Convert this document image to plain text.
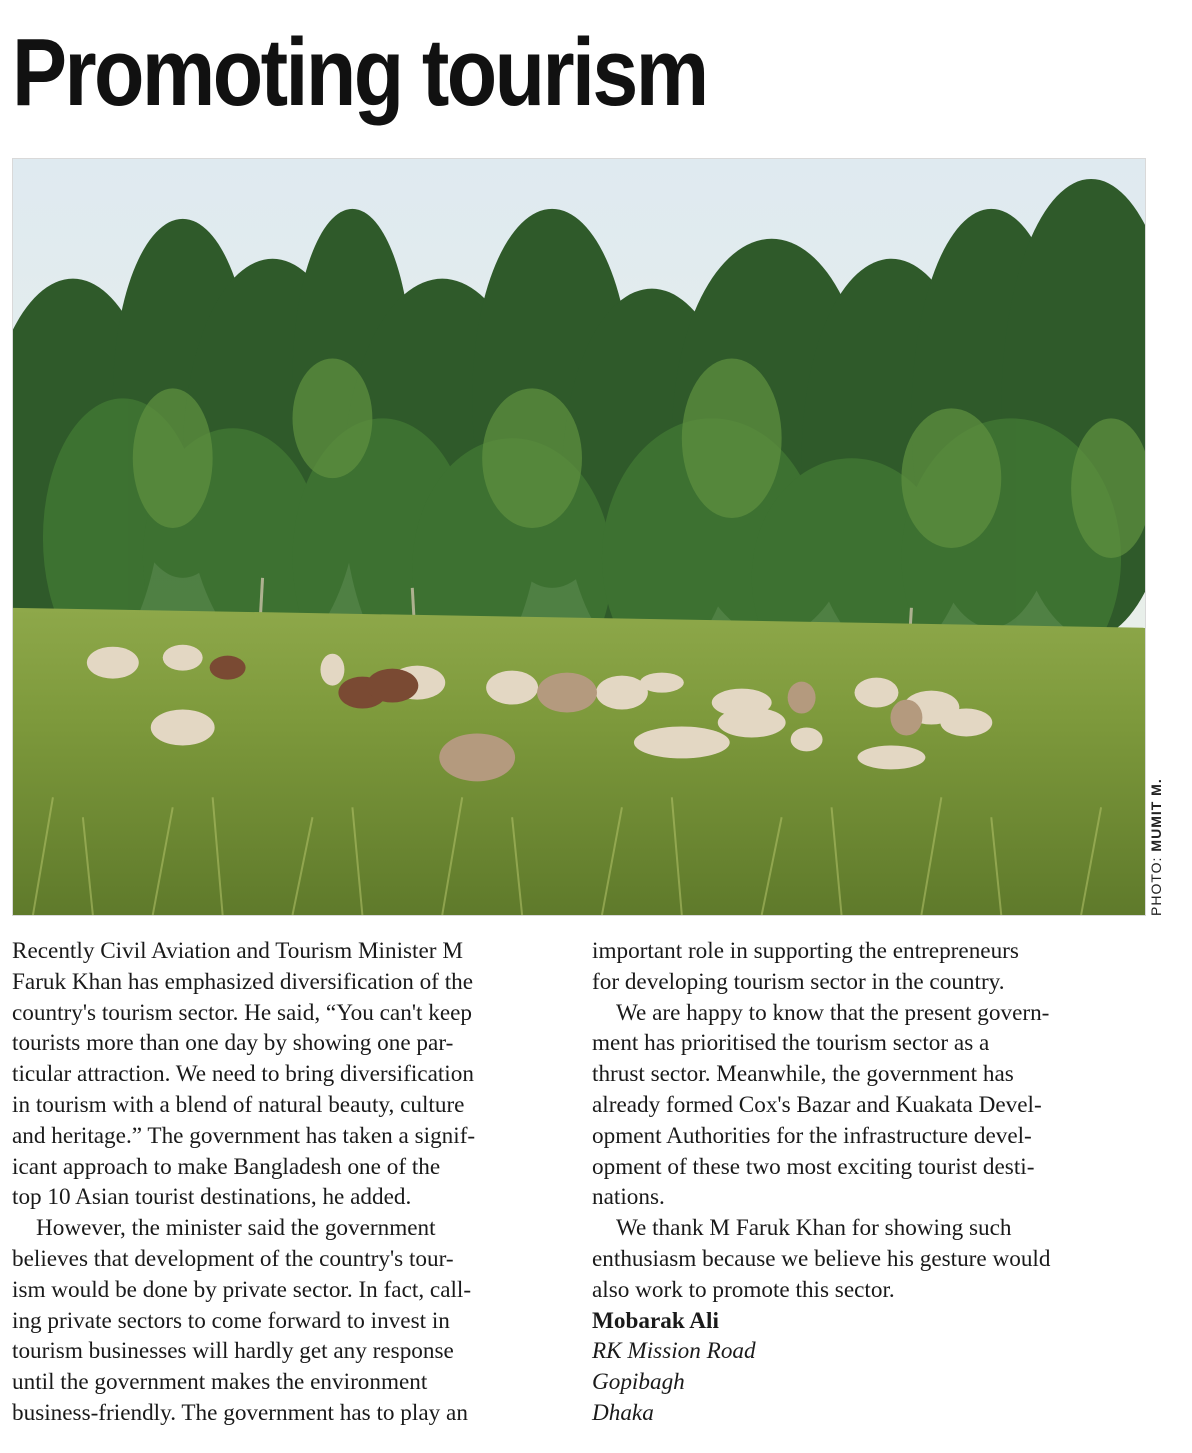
Promoting tourism
PHOTO:MUMIT M.

Recently Civil Aviation and Tourism Minister M

Faruk Khan has emphasized diversification of the

country's tourism sector. He said, “You can't keep

tourists more than one day by showing one par-

ticular attraction. We need to bring diversification

in tourism with a blend of natural beauty, culture

and heritage.” The government has taken a signif-

icant approach to make Bangladesh one of the

top 10 Asian tourist destinations, he added.

However, the minister said the government

believes that development of the country's tour-

ism would be done by private sector. In fact, call-

ing private sectors to come forward to invest in

tourism businesses will hardly get any response

until the government makes the environment

business-friendly. The government has to play an

important role in supporting the entrepreneurs

for developing tourism sector in the country.

We are happy to know that the present govern-

ment has prioritised the tourism sector as a

thrust sector. Meanwhile, the government has

already formed Cox's Bazar and Kuakata Devel-

opment Authorities for the infrastructure devel-

opment of these two most exciting tourist desti-

nations.

We thank M Faruk Khan for showing such

enthusiasm because we believe his gesture would

also work to promote this sector.

Mobarak Ali

RK Mission Road

Gopibagh

Dhaka
